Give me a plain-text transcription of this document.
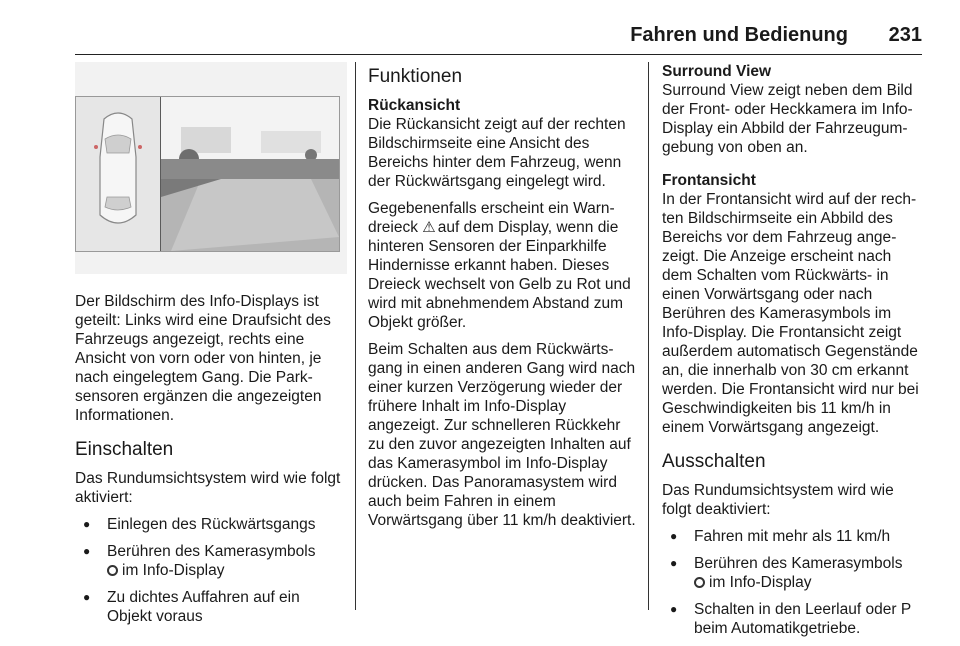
Fahren und Bedienung 231

Der Bildschirm des Info-Displays ist geteilt: Links wird eine Draufsicht des Fahrzeugs angezeigt, rechts eine Ansicht von vorn oder von hinten, je nach eingelegtem Gang. Die Parksensoren ergänzen die angezeigten Informationen.

Einschalten

Das Rundumsichtsystem wird wie folgt aktiviert:

● Einlegen des Rückwärtsgangs
● Berühren des Kamerasymbols
im Info-Display
● Zu dichtes Auffahren auf ein Objekt voraus
Funktionen
Rückansicht

Die Rückansicht zeigt auf der rechten Bildschirmseite eine Ansicht des Bereichs hinter dem Fahrzeug, wenn der Rückwärtsgang eingelegt wird.

Gegebenenfalls erscheint ein Warndreieck ⚠ auf dem Display, wenn die hinteren Sensoren der Einparkhilfe Hindernisse erkannt haben. Dieses Dreieck wechselt von Gelb zu Rot und wird mit abnehmendem Abstand zum Objekt größer.

Beim Schalten aus dem Rückwärtsgang in einen anderen Gang wird nach einer kurzen Verzögerung wieder der frühere Inhalt im Info-Display angezeigt. Zur schnelleren Rückkehr zu den zuvor angezeigten Inhalten auf das Kamerasymbol im Info-Display drücken. Das Panoramasystem wird auch beim Fahren in einem Vorwärtsgang über 11 km/h deaktiviert.

Surround View

Surround View zeigt neben dem Bild der Front- oder Heckkamera im Info-Display ein Abbild der Fahrzeugumgebung von oben an.

Frontansicht

In der Frontansicht wird auf der rechten Bildschirmseite ein Abbild des Bereichs vor dem Fahrzeug angezeigt. Die Anzeige erscheint nach dem Schalten vom Rückwärts- in einen Vorwärtsgang oder nach Berühren des Kamerasymbols im Info-Display. Die Frontansicht zeigt außerdem automatisch Gegenstände an, die innerhalb von 30 cm erkannt werden. Die Frontansicht wird nur bei Geschwindigkeiten bis 11 km/h in einem Vorwärtsgang angezeigt.

Ausschalten

Das Rundumsichtsystem wird wie folgt deaktiviert:

● Fahren mit mehr als 11 km/h
● Berühren des Kamerasymbols
im Info-Display
● Schalten in den Leerlauf oder P beim Automatikgetriebe.
